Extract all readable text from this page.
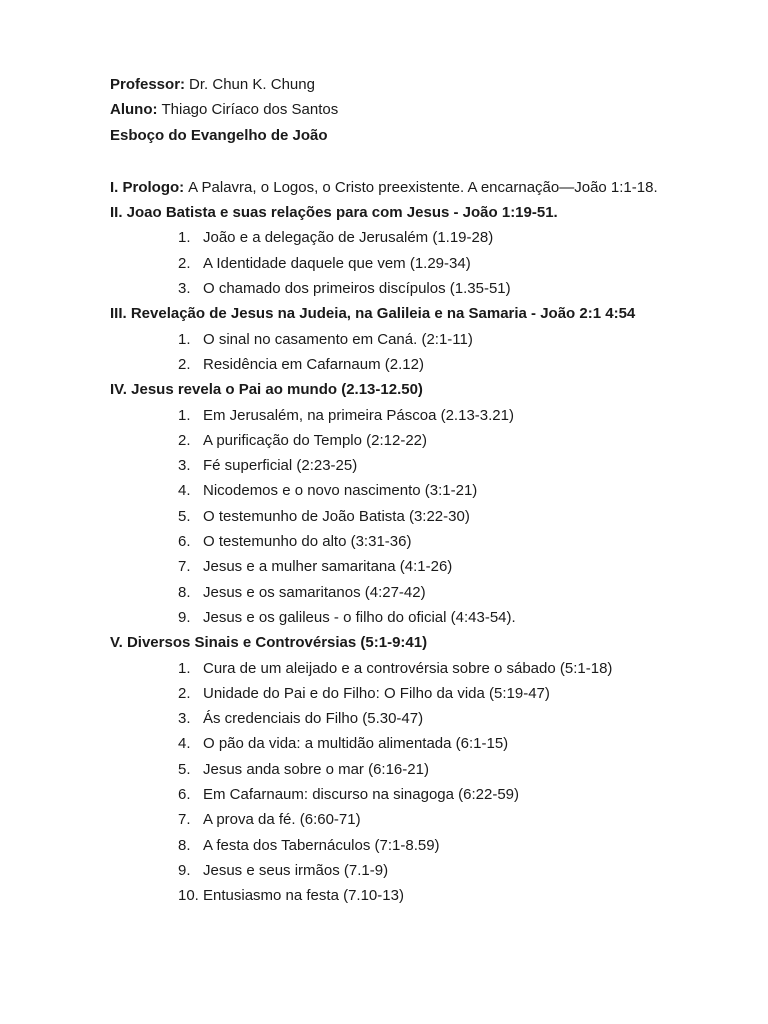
Professor: Dr. Chun K. Chung
Aluno: Thiago Ciríaco dos Santos
Esboço do Evangelho de João
I. Prologo: A Palavra, o Logos, o Cristo preexistente. A encarnação—João 1:1-18.
II. Joao Batista e suas relações para com Jesus - João 1:19-51.
1. João e a delegação de Jerusalém (1.19-28)
2. A Identidade daquele que vem (1.29-34)
3. O chamado dos primeiros discípulos (1.35-51)
III. Revelação de Jesus na Judeia, na Galileia e na Samaria - João 2:1 4:54
1. O sinal no casamento em Caná. (2:1-11)
2. Residência em Cafarnaum (2.12)
IV. Jesus revela o Pai ao mundo (2.13-12.50)
1. Em Jerusalém, na primeira Páscoa (2.13-3.21)
2. A purificação do Templo (2:12-22)
3. Fé superficial (2:23-25)
4. Nicodemos e o novo nascimento (3:1-21)
5. O testemunho de João Batista (3:22-30)
6. O testemunho do alto (3:31-36)
7. Jesus e a mulher samaritana (4:1-26)
8. Jesus e os samaritanos (4:27-42)
9. Jesus e os galileus - o filho do oficial (4:43-54).
V. Diversos Sinais e Controvérsias (5:1-9:41)
1. Cura de um aleijado e a controvérsia sobre o sábado (5:1-18)
2. Unidade do Pai e do Filho: O Filho da vida (5:19-47)
3. Ás credenciais do Filho (5.30-47)
4. O pão da vida: a multidão alimentada (6:1-15)
5. Jesus anda sobre o mar (6:16-21)
6. Em Cafarnaum: discurso na sinagoga (6:22-59)
7. A prova da fé. (6:60-71)
8. A festa dos Tabernáculos (7:1-8.59)
9. Jesus e seus irmãos (7.1-9)
10. Entusiasmo na festa (7.10-13)
